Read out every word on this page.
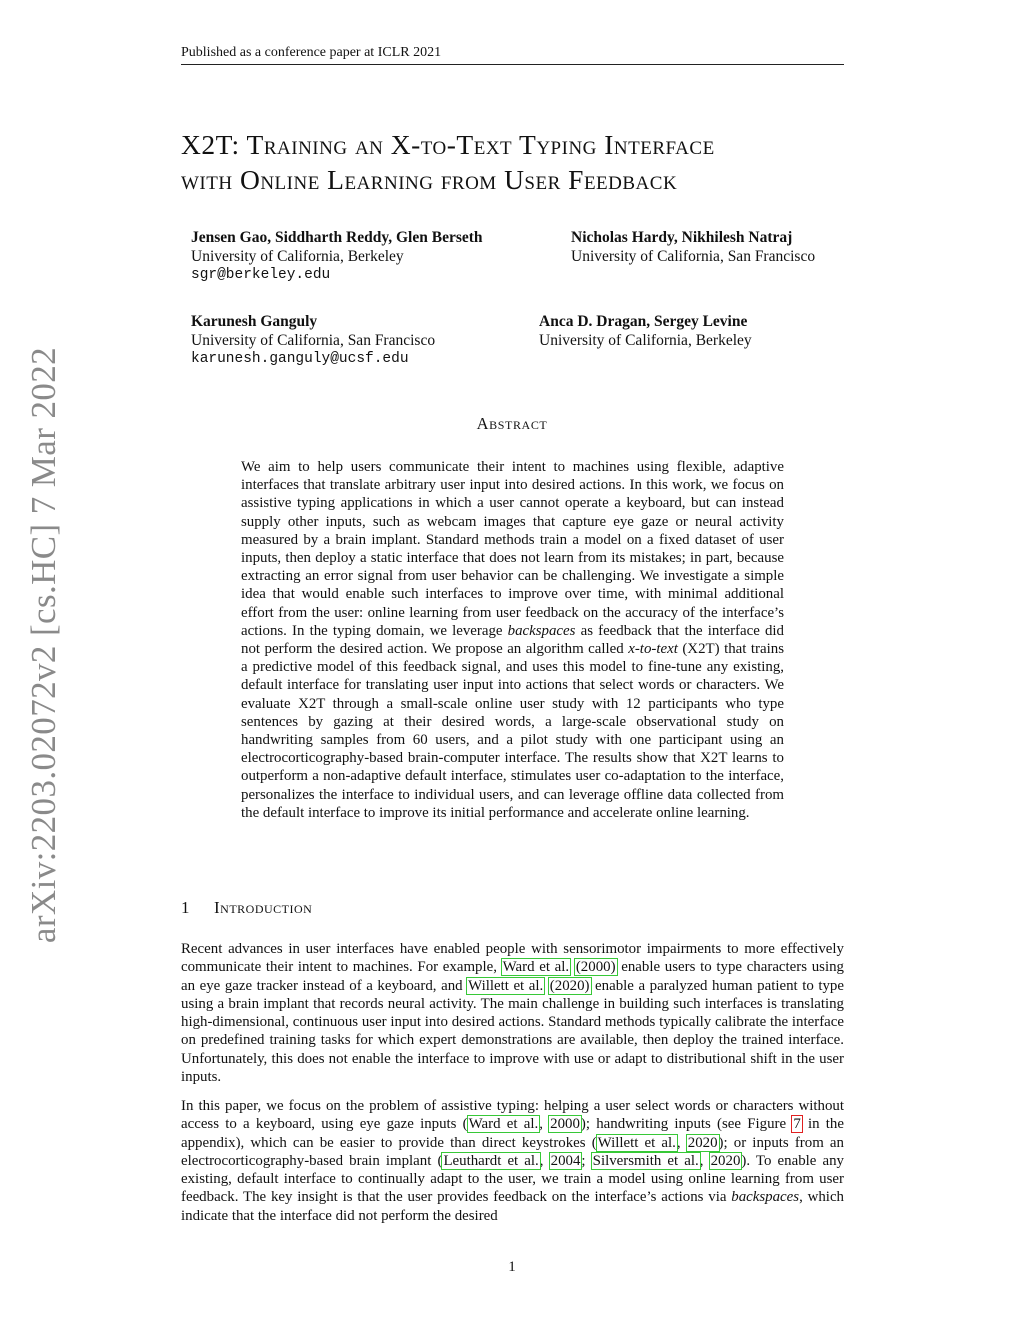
Published as a conference paper at ICLR 2021
arXiv:2203.02072v2 [cs.HC] 7 Mar 2022
X2T: Training an X-to-Text Typing Interface
with Online Learning from User Feedback
Jensen Gao, Siddharth Reddy, Glen Berseth
University of California, Berkeley
sgr@berkeley.edu
Nicholas Hardy, Nikhilesh Natraj
University of California, San Francisco
Karunesh Ganguly
University of California, San Francisco
karunesh.ganguly@ucsf.edu
Anca D. Dragan, Sergey Levine
University of California, Berkeley
Abstract

We aim to help users communicate their intent to machines using flexible, adaptive interfaces that translate arbitrary user input into desired actions. In this work, we focus on assistive typing applications in which a user cannot operate a keyboard, but can instead supply other inputs, such as webcam images that capture eye gaze or neural activity measured by a brain implant. Standard methods train a model on a fixed dataset of user inputs, then deploy a static interface that does not learn from its mistakes; in part, because extracting an error signal from user behavior can be challenging. We investigate a simple idea that would enable such interfaces to improve over time, with minimal additional effort from the user: online learning from user feedback on the accuracy of the interface’s actions. In the typing domain, we leverage backspaces as feedback that the interface did not perform the desired action. We propose an algorithm called x-to-text (X2T) that trains a predictive model of this feedback signal, and uses this model to fine-tune any existing, default interface for translating user input into actions that select words or characters. We evaluate X2T through a small-scale online user study with 12 participants who type sentences by gazing at their desired words, a large-scale observational study on handwriting samples from 60 users, and a pilot study with one participant using an electrocorticography-based brain-computer interface. The results show that X2T learns to outperform a non-adaptive default interface, stimulates user co-adaptation to the interface, personalizes the interface to individual users, and can leverage offline data collected from the default interface to improve its initial performance and accelerate online learning.

1 Introduction

Recent advances in user interfaces have enabled people with sensorimotor impairments to more effectively communicate their intent to machines. For example, Ward et al. (2000) enable users to type characters using an eye gaze tracker instead of a keyboard, and Willett et al. (2020) enable a paralyzed human patient to type using a brain implant that records neural activity. The main challenge in building such interfaces is translating high-dimensional, continuous user input into desired actions. Standard methods typically calibrate the interface on predefined training tasks for which expert demonstrations are available, then deploy the trained interface. Unfortunately, this does not enable the interface to improve with use or adapt to distributional shift in the user inputs.

In this paper, we focus on the problem of assistive typing: helping a user select words or characters without access to a keyboard, using eye gaze inputs (Ward et al., 2000); handwriting inputs (see Figure 7 in the appendix), which can be easier to provide than direct keystrokes (Willett et al., 2020); or inputs from an electrocorticography-based brain implant (Leuthardt et al., 2004; Silversmith et al., 2020). To enable any existing, default interface to continually adapt to the user, we train a model using online learning from user feedback. The key insight is that the user provides feedback on the interface’s actions via backspaces, which indicate that the interface did not perform the desired

1
